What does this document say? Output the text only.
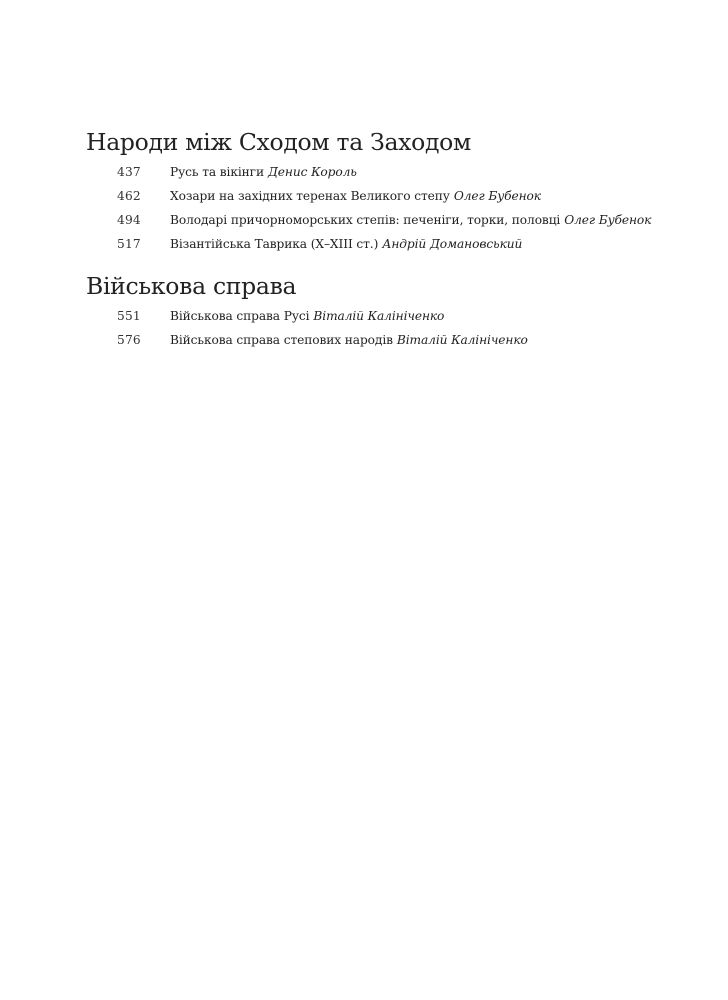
Народи між Сходом та Заходом
437	Русь та вікінги Денис Король
462	Хозари на західних теренах Великого степу Олег Бубенок
494	Володарі причорноморських степів: печеніги, торки, половці Олег Бубенок
517	Візантійська Таврика (X–XIII ст.) Андрій Домановський
Військова справа
551	Військова справа Русі Віталій Калініченко
576	Військова справа степових народів Віталій Калініченко
